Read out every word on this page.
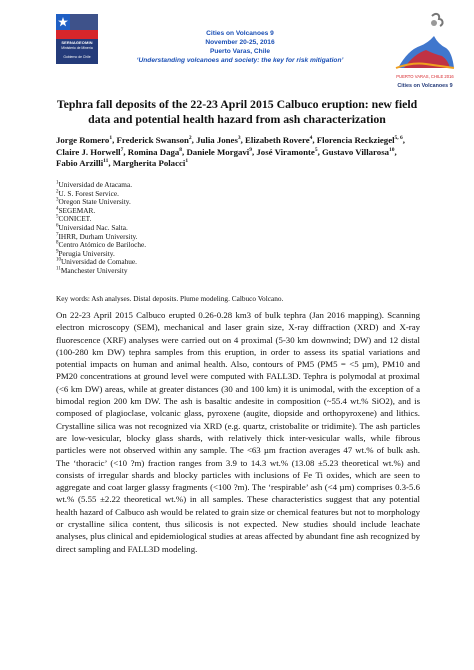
SERNAGEOMIN
Ministerio de Minería
Gobierno de Chile
Cities on Volcanoes 9
November 20-25, 2016
Puerto Varas, Chile
‘Understanding volcanoes and society: the key for risk mitigation’
PUERTO VARAS, CHILE 2016
Cities on Volcanoes 9
Tephra fall deposits of the 22-23 April 2015 Calbuco eruption: new field data and potential health hazard from ash characterization
Jorge Romero$^1$, Frederick Swanson$^2$, Julia Jones$^3$, Elizabeth Rovere$^4$, Florencia Reckziegel$^{5, 6}$, Claire J. Horwell$^7$, Romina Daga$^8$, Daniele Morgavi$^9$, José Viramonte$^5$, Gustavo Villarosa$^{10}$, Fabio Arzilli$^{11}$, Margherita Polacci$^1$
$^1$Universidad de Atacama.
$^2$U. S. Forest Service.
$^3$Oregon State University.
$^4$SEGEMAR.
$^5$CONICET.
$^6$Universidad Nac. Salta.
$^7$IHRR, Durham University.
$^8$Centro Atómico de Bariloche.
$^9$Perugia University.
$^{10}$Universidad de Comahue.
$^{11}$Manchester University
Key words: Ash analyses. Distal deposits. Plume modeling. Calbuco Volcano.
On 22-23 April 2015 Calbuco erupted 0.26-0.28 km3 of bulk tephra (Jan 2016 mapping). Scanning electron microscopy (SEM), mechanical and laser grain size, X-ray diffraction (XRD) and X-ray fluorescence (XRF) analyses were carried out on 4 proximal (5-30 km downwind; DW) and 12 distal (100-280 km DW) tephra samples from this eruption, in order to assess its spatial variations and potential impacts on human and animal health. Also, contours of PM5 (PM5 = <5 µm), PM10 and PM20 concentrations at ground level were computed with FALL3D. Tephra is polymodal at proximal (<6 km DW) areas, while at greater distances (30 and 100 km) it is unimodal, with the exception of a bimodal region 200 km DW. The ash is basaltic andesite in composition (~55.4 wt.% SiO2), and is composed of plagioclase, volcanic glass, pyroxene (augite, diopside and orthopyroxene) and lithics. Crystalline silica was not recognized via XRD (e.g. quartz, cristobalite or tridimite). The ash particles are low-vesicular, blocky glass shards, with relatively thick inter-vesicular walls, while fibrous particles were not observed within any sample. The <63 µm fraction averages 47 wt.% of bulk ash. The ‘thoracic’ (<10 ?m) fraction ranges from 3.9 to 14.3 wt.% (13.08 ±5.23 theoretical wt.%) and consists of irregular shards and blocky particles with inclusions of Fe Ti oxides, which are seen to aggregate and coat larger glassy fragments (<100 ?m). The ‘respirable’ ash (<4 µm) comprises 0.3-5.6 wt.% (5.55 ±2.22 theoretical wt.%) in all samples. These characteristics suggest that any potential health hazard of Calbuco ash would be related to grain size or chemical features but not to morphology or crystalline silica content, thus silicosis is not expected. New studies should include leachate analyses, plus clinical and epidemiological studies at areas affected by abundant fine ash recognized by direct sampling and FALL3D modeling.
